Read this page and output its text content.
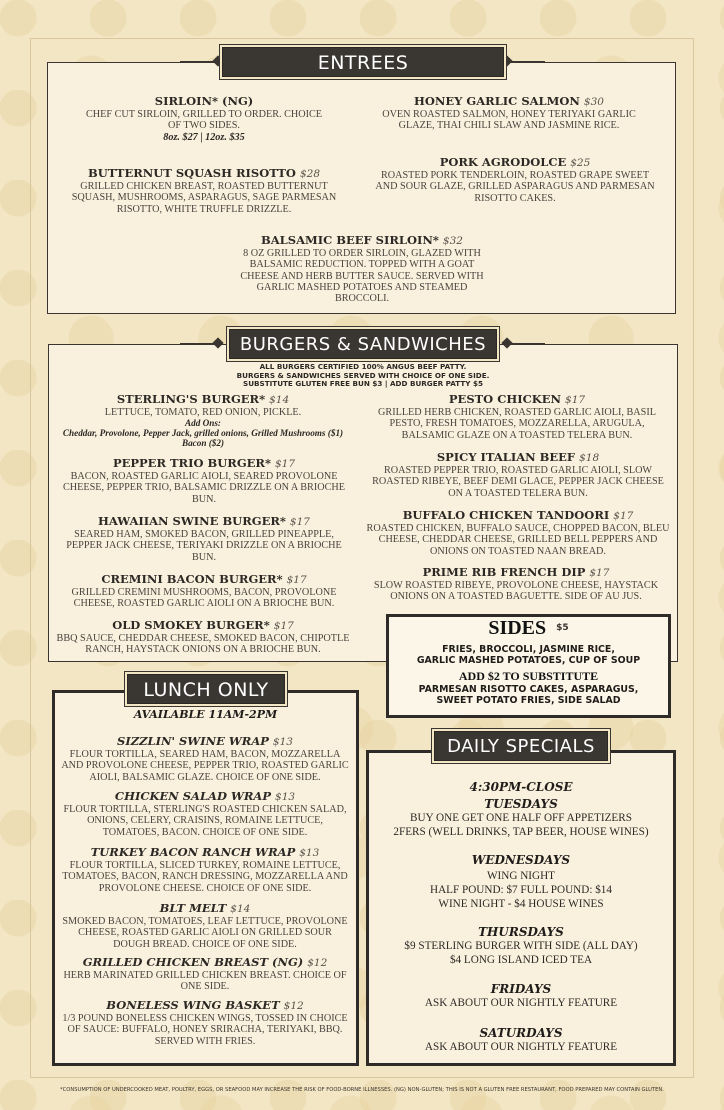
ENTREES
SIRLOIN* (NG)
CHEF CUT SIRLOIN, GRILLED TO ORDER. CHOICE OF TWO SIDES.
8oz. $27 | 12oz. $35
HONEY GARLIC SALMON $30
OVEN ROASTED SALMON, HONEY TERIYAKI GARLIC GLAZE, THAI CHILI SLAW AND JASMINE RICE.
BUTTERNUT SQUASH RISOTTO $28
GRILLED CHICKEN BREAST, ROASTED BUTTERNUT SQUASH, MUSHROOMS, ASPARAGUS, SAGE PARMESAN RISOTTO, WHITE TRUFFLE DRIZZLE.
PORK AGRODOLCE $25
ROASTED PORK TENDERLOIN, ROASTED GRAPE SWEET AND SOUR GLAZE, GRILLED ASPARAGUS AND PARMESAN RISOTTO CAKES.
BALSAMIC BEEF SIRLOIN* $32
8 OZ GRILLED TO ORDER SIRLOIN, GLAZED WITH BALSAMIC REDUCTION. TOPPED WITH A GOAT CHEESE AND HERB BUTTER SAUCE. SERVED WITH GARLIC MASHED POTATOES AND STEAMED BROCCOLI.
BURGERS & SANDWICHES
ALL BURGERS CERTIFIED 100% ANGUS BEEF PATTY.
BURGERS & SANDWICHES SERVED WITH CHOICE OF ONE SIDE.
SUBSTITUTE GLUTEN FREE BUN $3 | ADD BURGER PATTY $5
STERLING'S BURGER* $14
LETTUCE, TOMATO, RED ONION, PICKLE.
Add Ons:
Cheddar, Provolone, Pepper Jack, grilled onions, Grilled Mushrooms ($1) Bacon ($2)
PESTO CHICKEN $17
GRILLED HERB CHICKEN, ROASTED GARLIC AIOLI, BASIL PESTO, FRESH TOMATOES, MOZZARELLA, ARUGULA, BALSAMIC GLAZE ON A TOASTED TELERA BUN.
PEPPER TRIO BURGER* $17
BACON, ROASTED GARLIC AIOLI, SEARED PROVOLONE CHEESE, PEPPER TRIO, BALSAMIC DRIZZLE ON A BRIOCHE BUN.
SPICY ITALIAN BEEF $18
ROASTED PEPPER TRIO, ROASTED GARLIC AIOLI, SLOW ROASTED RIBEYE, BEEF DEMI GLACE, PEPPER JACK CHEESE ON A TOASTED TELERA BUN.
HAWAIIAN SWINE BURGER* $17
SEARED HAM, SMOKED BACON, GRILLED PINEAPPLE, PEPPER JACK CHEESE, TERIYAKI DRIZZLE ON A BRIOCHE BUN.
BUFFALO CHICKEN TANDOORI $17
ROASTED CHICKEN, BUFFALO SAUCE, CHOPPED BACON, BLEU CHEESE, CHEDDAR CHEESE, GRILLED BELL PEPPERS AND ONIONS ON TOASTED NAAN BREAD.
CREMINI BACON BURGER* $17
GRILLED CREMINI MUSHROOMS, BACON, PROVOLONE CHEESE, ROASTED GARLIC AIOLI ON A BRIOCHE BUN.
PRIME RIB FRENCH DIP $17
SLOW ROASTED RIBEYE, PROVOLONE CHEESE, HAYSTACK ONIONS ON A TOASTED BAGUETTE. SIDE OF AU JUS.
OLD SMOKEY BURGER* $17
BBQ SAUCE, CHEDDAR CHEESE, SMOKED BACON, CHIPOTLE RANCH, HAYSTACK ONIONS ON A BRIOCHE BUN.
SIDES $^{\$5}$
FRIES, BROCCOLI, JASMINE RICE,
GARLIC MASHED POTATOES, CUP OF SOUP
ADD $2 TO SUBSTITUTE
PARMESAN RISOTTO CAKES, ASPARAGUS,
SWEET POTATO FRIES, SIDE SALAD
LUNCH ONLY
AVAILABLE 11AM-2PM
SIZZLIN' SWINE WRAP $13
FLOUR TORTILLA, SEARED HAM, BACON, MOZZARELLA AND PROVOLONE CHEESE, PEPPER TRIO, ROASTED GARLIC AIOLI, BALSAMIC GLAZE. CHOICE OF ONE SIDE.
CHICKEN SALAD WRAP $13
FLOUR TORTILLA, STERLING'S ROASTED CHICKEN SALAD, ONIONS, CELERY, CRAISINS, ROMAINE LETTUCE, TOMATOES, BACON. CHOICE OF ONE SIDE.
TURKEY BACON RANCH WRAP $13
FLOUR TORTILLA, SLICED TURKEY, ROMAINE LETTUCE, TOMATOES, BACON, RANCH DRESSING, MOZZARELLA AND PROVOLONE CHEESE. CHOICE OF ONE SIDE.
BLT MELT $14
SMOKED BACON, TOMATOES, LEAF LETTUCE, PROVOLONE CHEESE, ROASTED GARLIC AIOLI ON GRILLED SOUR DOUGH BREAD. CHOICE OF ONE SIDE.
GRILLED CHICKEN BREAST (NG) $12
HERB MARINATED GRILLED CHICKEN BREAST. CHOICE OF ONE SIDE.
BONELESS WING BASKET $12
1/3 POUND BONELESS CHICKEN WINGS, TOSSED IN CHOICE OF SAUCE: BUFFALO, HONEY SRIRACHA, TERIYAKI, BBQ. SERVED WITH FRIES.
DAILY SPECIALS
4:30PM-CLOSE
TUESDAYS
BUY ONE GET ONE HALF OFF APPETIZERS
2FERS (WELL DRINKS, TAP BEER, HOUSE WINES)
WEDNESDAYS
WING NIGHT
HALF POUND: $7 FULL POUND: $14
WINE NIGHT - $4 HOUSE WINES
THURSDAYS
$9 STERLING BURGER WITH SIDE (ALL DAY)
$4 LONG ISLAND ICED TEA
FRIDAYS
ASK ABOUT OUR NIGHTLY FEATURE
SATURDAYS
ASK ABOUT OUR NIGHTLY FEATURE
*CONSUMPTION OF UNDERCOOKED MEAT, POULTRY, EGGS, OR SEAFOOD MAY INCREASE THE RISK OF FOOD-BORNE ILLNESSES. (NG) NON-GLUTEN; THIS IS NOT A GLUTEN FREE RESTAURANT, FOOD PREPARED MAY CONTAIN GLUTEN.
